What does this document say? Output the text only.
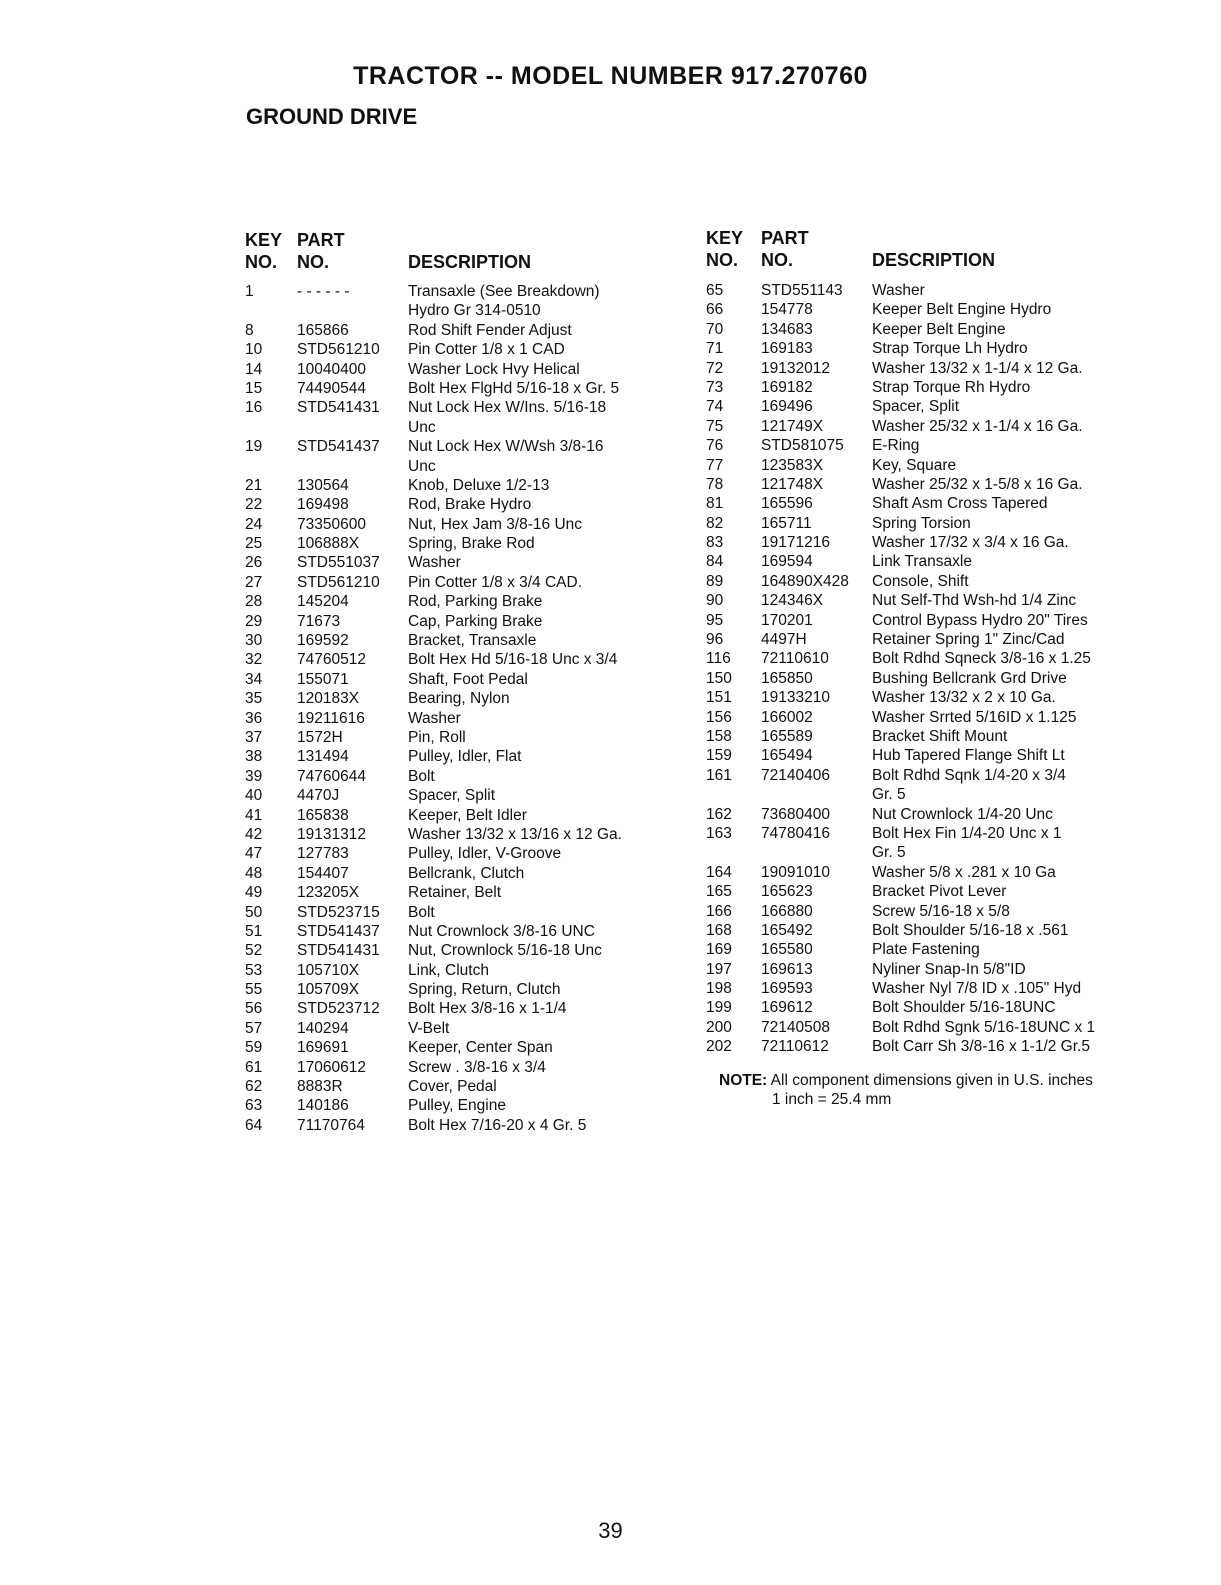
TRACTOR -- MODEL NUMBER 917.270760
GROUND DRIVE
KEY PART
NO. NO.	DESCRIPTION
1	- - - - - -	Transaxle (See Breakdown)
Hydro Gr 314-0510
8	165866	Rod Shift Fender Adjust
10 STD561210 Pin Cotter 1/8 x 1 CAD
14 10040400	Washer Lock Hvy Helical
15 74490544	Bolt Hex FlgHd 5/16-18 x Gr. 5
16 STD541431 Nut Lock Hex W/Ins. 5/16-18
Unc
19 STD541437 Nut Lock Hex W/Wsh 3/8-16
Unc
21 130564	Knob, Deluxe 1/2-13
22 169498	Rod, Brake Hydro
24 73350600	Nut, Hex Jam 3/8-16 Unc
25 106888X	Spring, Brake Rod
26 STD551037 Washer
27 STD561210 Pin Cotter 1/8 x 3/4 CAD.
28 145204	Rod, Parking Brake
29 71673	Cap, Parking Brake
30 169592	Bracket, Transaxle
32 74760512	Bolt Hex Hd 5/16-18 Unc x 3/4
34 155071	Shaft, Foot Pedal
35 120183X	Bearing, Nylon
36 19211616	Washer
37 1572H	Pin, Roll
38 131494	Pulley, Idler, Flat
39 74760644	Bolt
40 4470J	Spacer, Split
41 165838	Keeper, Belt Idler
42 19131312	Washer 13/32 x 13/16 x 12 Ga.
47 127783	Pulley, Idler, V-Groove
48 154407	Bellcrank, Clutch
49 123205X	Retainer, Belt
50 STD523715 Bolt
51 STD541437 Nut Crownlock 3/8-16 UNC
52 STD541431 Nut, Crownlock 5/16-18 Unc
53 105710X	Link, Clutch
55 105709X	Spring, Return, Clutch
56 STD523712 Bolt Hex 3/8-16 x 1-1/4
57 140294	V-Belt
59 169691	Keeper, Center Span
61 17060612	Screw . 3/8-16 x 3/4
62 8883R	Cover, Pedal
63 140186	Pulley, Engine
64 71170764	Bolt Hex 7/16-20 x 4 Gr. 5
KEY PART
NO. NO.	DESCRIPTION
65 STD551143 Washer
66 154778	Keeper Belt Engine Hydro
70 134683	Keeper Belt Engine
71 169183	Strap Torque Lh Hydro
72 19132012	Washer 13/32 x 1-1/4 x 12 Ga.
73 169182	Strap Torque Rh Hydro
74 169496	Spacer, Split
75 121749X	Washer 25/32 x 1-1/4 x 16 Ga.
76 STD581075 E-Ring
77 123583X	Key, Square
78 121748X	Washer 25/32 x 1-5/8 x 16 Ga.
81 165596	Shaft Asm Cross Tapered
82 165711	Spring Torsion
83 19171216	Washer 17/32 x 3/4 x 16 Ga.
84 169594	Link Transaxle
89 164890X428 Console, Shift
90 124346X	Nut Self-Thd Wsh-hd 1/4 Zinc
95 170201	Control Bypass Hydro 20" Tires
96 4497H	Retainer Spring 1" Zinc/Cad
116 72110610	Bolt Rdhd Sqneck 3/8-16 x 1.25
150 165850	Bushing Bellcrank Grd Drive
151 19133210	Washer 13/32 x 2 x 10 Ga.
156 166002	Washer Srrted 5/16ID x 1.125
158 165589	Bracket Shift Mount
159 165494	Hub Tapered Flange Shift Lt
161 72140406	Bolt Rdhd Sqnk 1/4-20 x 3/4
Gr. 5
162 73680400	Nut Crownlock 1/4-20 Unc
163 74780416	Bolt Hex Fin 1/4-20 Unc x 1
Gr. 5
164 19091010	Washer 5/8 x .281 x 10 Ga
165 165623	Bracket Pivot Lever
166 166880	Screw 5/16-18 x 5/8
168 165492	Bolt Shoulder 5/16-18 x .561
169 165580	Plate Fastening
197 169613	Nyliner Snap-In 5/8"ID
198 169593	Washer Nyl 7/8 ID x .105" Hyd
199 169612	Bolt Shoulder 5/16-18UNC
200 72140508	Bolt Rdhd Sgnk 5/16-18UNC x 1
202 72110612	Bolt Carr Sh 3/8-16 x 1-1/2 Gr.5
NOTE: All component dimensions given in U.S. inches
1 inch = 25.4 mm
39
